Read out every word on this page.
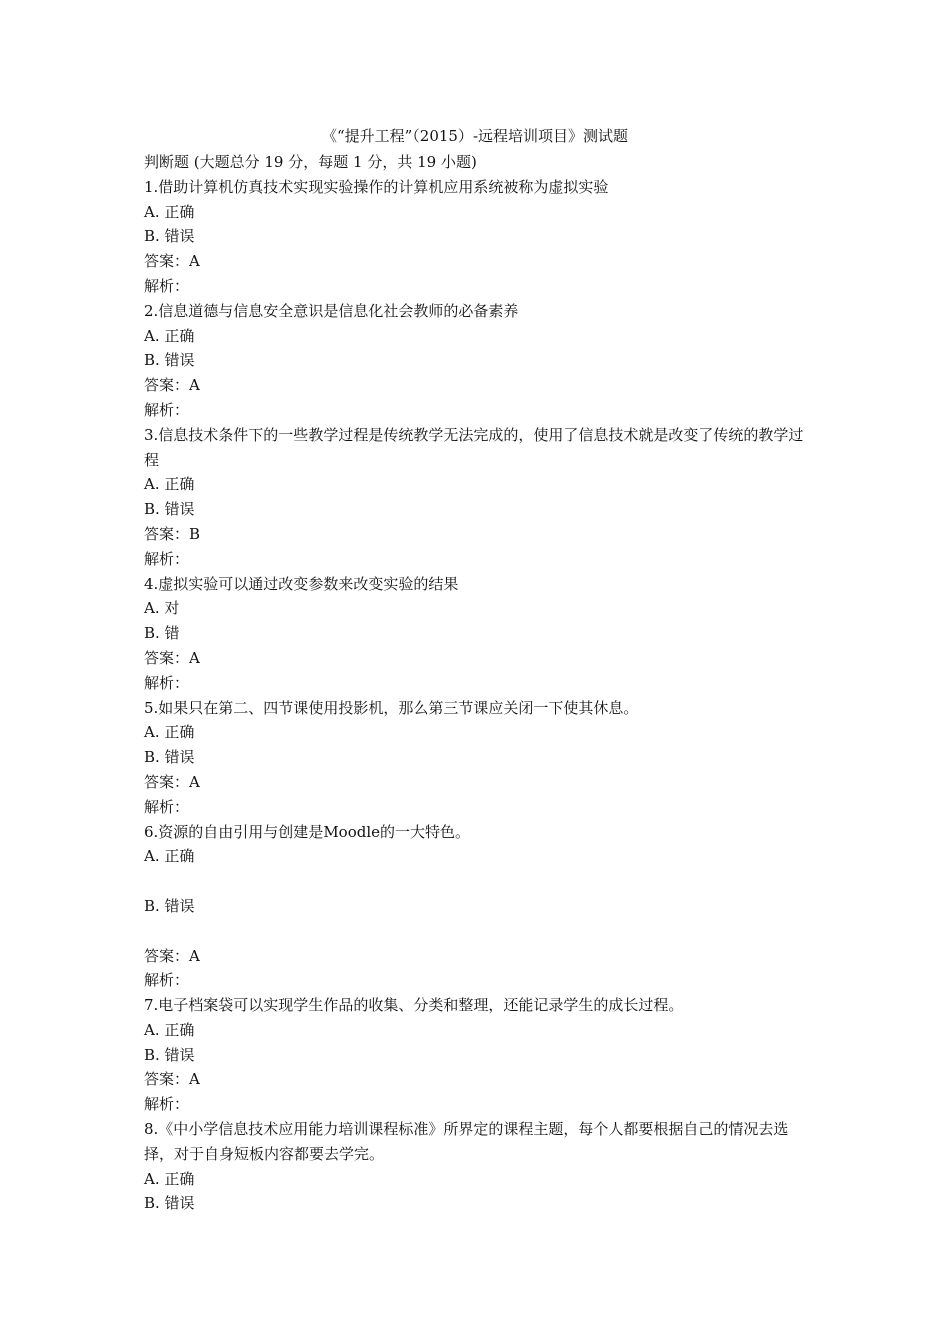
《“提升工程”（2015）-远程培训项目》测试题

判断题 (大题总分 19 分，每题 1 分，共 19 小题)

1.借助计算机仿真技术实现实验操作的计算机应用系统被称为虚拟实验

A. 正确

B. 错误

答案：A

解析：

2.信息道德与信息安全意识是信息化社会教师的必备素养

A. 正确

B. 错误

答案：A

解析：

3.信息技术条件下的一些教学过程是传统教学无法完成的，使用了信息技术就是改变了传统的教学过程

A. 正确

B. 错误

答案：B

解析：

4.虚拟实验可以通过改变参数来改变实验的结果

A. 对

B. 错

答案：A

解析：

5.如果只在第二、四节课使用投影机，那么第三节课应关闭一下使其休息。

A. 正确

B. 错误

答案：A

解析：

6.资源的自由引用与创建是Moodle的一大特色。

A. 正确

B. 错误

答案：A

解析：

7.电子档案袋可以实现学生作品的收集、分类和整理，还能记录学生的成长过程。

A. 正确

B. 错误

答案：A

解析：

8.《中小学信息技术应用能力培训课程标准》所界定的课程主题，每个人都要根据自己的情况去选择，对于自身短板内容都要去学完。

A. 正确

B. 错误
